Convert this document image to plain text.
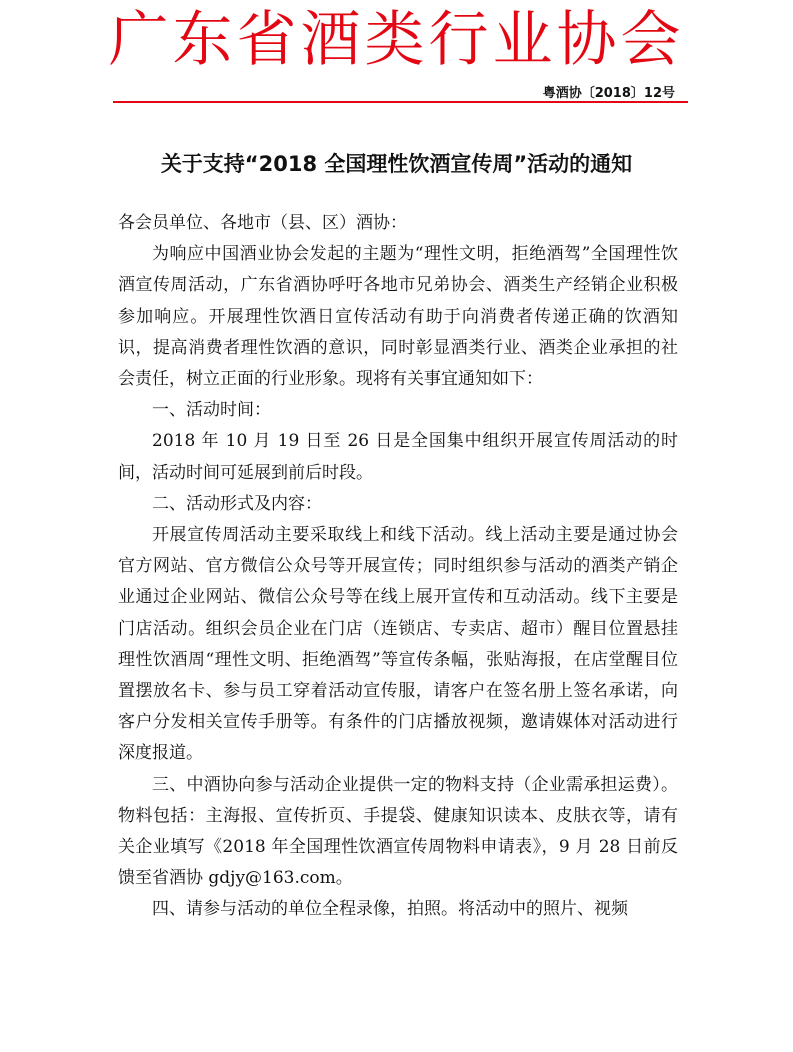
广东省酒类行业协会
粤酒协〔2018〕12号
关于支持“2018 全国理性饮酒宣传周”活动的通知

各会员单位、各地市（县、区）酒协：

为响应中国酒业协会发起的主题为“理性文明，拒绝酒驾”全国理性饮酒宣传周活动，广东省酒协呼吁各地市兄弟协会、酒类生产经销企业积极参加响应。开展理性饮酒日宣传活动有助于向消费者传递正确的饮酒知识，提高消费者理性饮酒的意识，同时彰显酒类行业、酒类企业承担的社会责任，树立正面的行业形象。现将有关事宜通知如下：

一、活动时间：

2018 年 10 月 19 日至 26 日是全国集中组织开展宣传周活动的时间，活动时间可延展到前后时段。

二、活动形式及内容：

开展宣传周活动主要采取线上和线下活动。线上活动主要是通过协会官方网站、官方微信公众号等开展宣传；同时组织参与活动的酒类产销企业通过企业网站、微信公众号等在线上展开宣传和互动活动。线下主要是门店活动。组织会员企业在门店（连锁店、专卖店、超市）醒目位置悬挂理性饮酒周“理性文明、拒绝酒驾”等宣传条幅，张贴海报，在店堂醒目位置摆放名卡、参与员工穿着活动宣传服，请客户在签名册上签名承诺，向客户分发相关宣传手册等。有条件的门店播放视频，邀请媒体对活动进行深度报道。

三、中酒协向参与活动企业提供一定的物料支持（企业需承担运费）。物料包括：主海报、宣传折页、手提袋、健康知识读本、皮肤衣等，请有关企业填写《2018 年全国理性饮酒宣传周物料申请表》，9 月 28 日前反馈至省酒协 gdjy@163.com。

四、请参与活动的单位全程录像，拍照。将活动中的照片、视频
